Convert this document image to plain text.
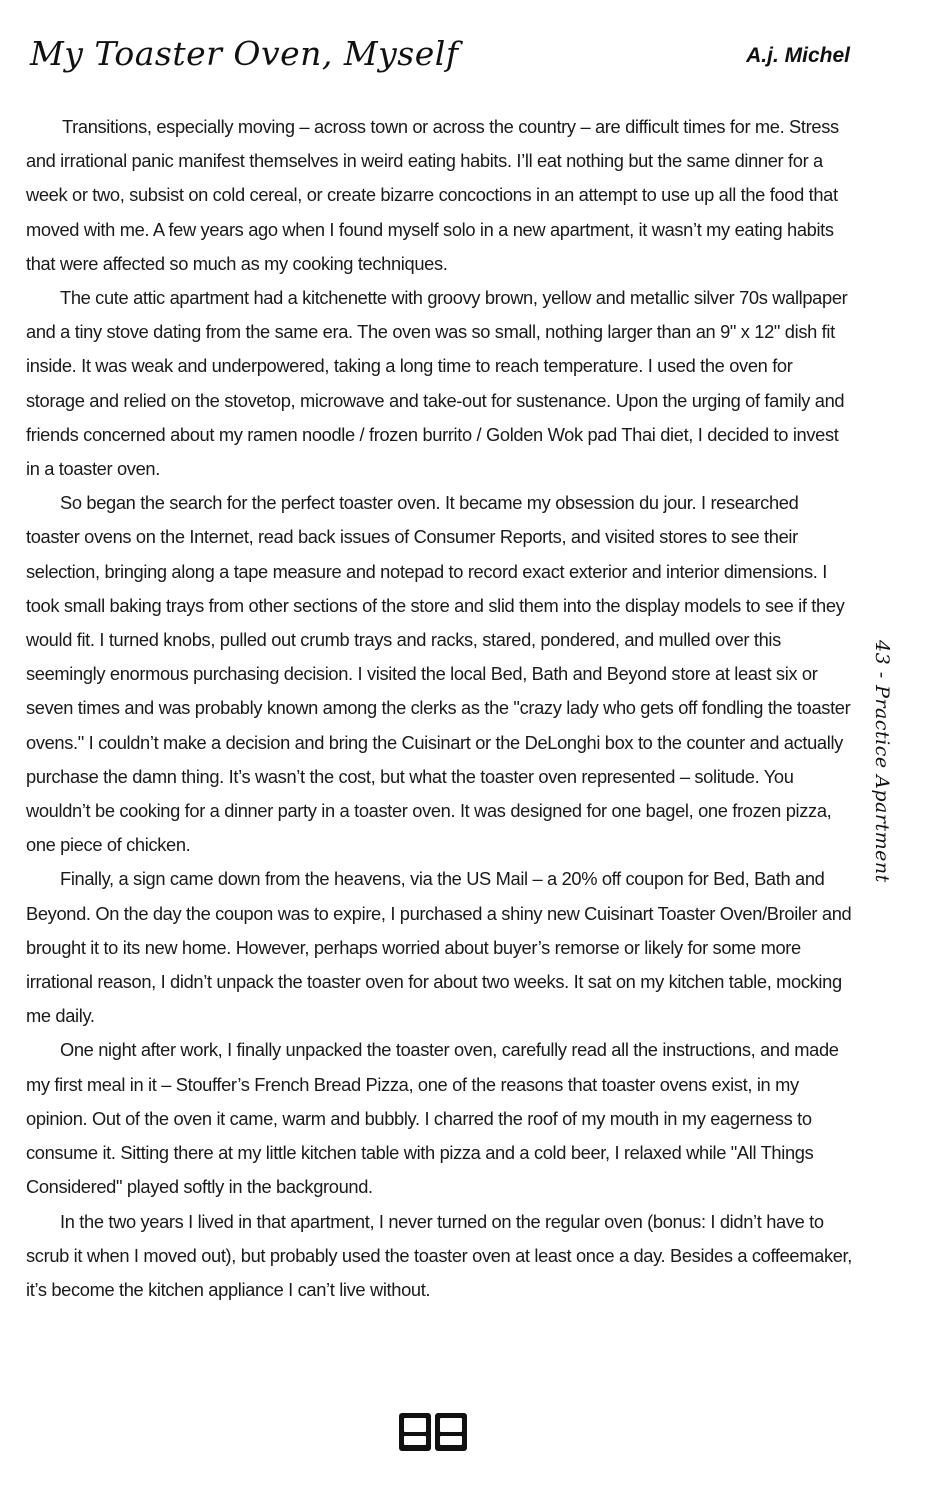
My Toaster Oven, Myself	A.j. Michel

Transitions, especially moving – across town or across the country – are difficult times for me. Stress and irrational panic manifest themselves in weird eating habits. I’ll eat nothing but the same dinner for a week or two, subsist on cold cereal, or create bizarre concoctions in an attempt to use up all the food that moved with me. A few years ago when I found myself solo in a new apartment, it wasn’t my eating habits that were affected so much as my cooking techniques.

The cute attic apartment had a kitchenette with groovy brown, yellow and metallic silver 70s wallpaper and a tiny stove dating from the same era. The oven was so small, nothing larger than an 9" x 12" dish fit inside. It was weak and underpowered, taking a long time to reach temperature. I used the oven for storage and relied on the stovetop, microwave and take-out for sustenance. Upon the urging of family and friends concerned about my ramen noodle / frozen burrito / Golden Wok pad Thai diet, I decided to invest in a toaster oven.

So began the search for the perfect toaster oven. It became my obsession du jour. I researched toaster ovens on the Internet, read back issues of Consumer Reports, and visited stores to see their selection, bringing along a tape measure and notepad to record exact exterior and interior dimensions. I took small baking trays from other sections of the store and slid them into the display models to see if they would fit. I turned knobs, pulled out crumb trays and racks, stared, pondered, and mulled over this seemingly enormous purchasing decision. I visited the local Bed, Bath and Beyond store at least six or seven times and was probably known among the clerks as the "crazy lady who gets off fondling the toaster ovens." I couldn’t make a decision and bring the Cuisinart or the DeLonghi box to the counter and actually purchase the damn thing. It’s wasn’t the cost, but what the toaster oven represented – solitude. You wouldn’t be cooking for a dinner party in a toaster oven. It was designed for one bagel, one frozen pizza, one piece of chicken.

Finally, a sign came down from the heavens, via the US Mail – a 20% off coupon for Bed, Bath and Beyond. On the day the coupon was to expire, I purchased a shiny new Cuisinart Toaster Oven/Broiler and brought it to its new home. However, perhaps worried about buyer’s remorse or likely for some more irrational reason, I didn’t unpack the toaster oven for about two weeks. It sat on my kitchen table, mocking me daily.

One night after work, I finally unpacked the toaster oven, carefully read all the instructions, and made my first meal in it – Stouffer’s French Bread Pizza, one of the reasons that toaster ovens exist, in my opinion. Out of the oven it came, warm and bubbly. I charred the roof of my mouth in my eagerness to consume it. Sitting there at my little kitchen table with pizza and a cold beer, I relaxed while "All Things Considered" played softly in the background.

In the two years I lived in that apartment, I never turned on the regular oven (bonus: I didn’t have to scrub it when I moved out), but probably used the toaster oven at least once a day. Besides a coffeemaker, it’s become the kitchen appliance I can’t live without.

43 - Practice Apartment
